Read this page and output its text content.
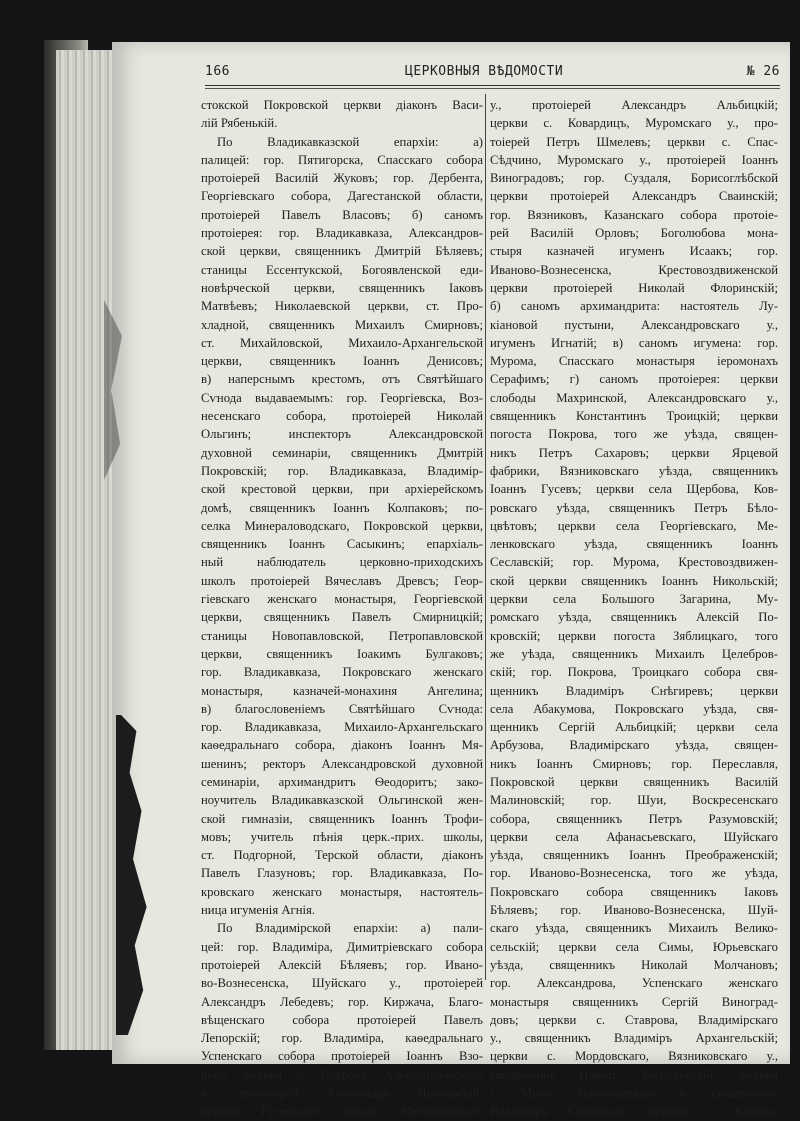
166	ЦЕРКОВНЫЯ ВѢДОМОСТИ	№ 26
стокской Покровской церкви діаконъ Васи-
лій Рябенькій.
По Владикавказской епархіи: а)
палицей: гор. Пятигорска, Спасскаго собора
протоіерей Василій Жуковъ; гор. Дербента,
Георгіевскаго собора, Дагестанской области,
протоіерей Павелъ Власовъ; б) саномъ
протоіерея: гор. Владикавказа, Александров-
ской церкви, священникъ Дмитрій Бѣляевъ;
станицы Ессентукской, Богоявленской еди-
новѣрческой церкви, священникъ Іаковъ
Матвѣевъ; Николаевской церкви, ст. Про-
хладной, священникъ Михаилъ Смирновъ;
ст. Михайловской, Михаило-Архангельской
церкви, священникъ Іоаннъ Денисовъ;
в) наперснымъ крестомъ, отъ Святѣйшаго
Сѵнода выдаваемымъ: гор. Георгіевска, Воз-
несенскаго собора, протоіерей Николай
Ольгинъ; инспекторъ Александровской
духовной семинаріи, священникъ Дмитрій
Покровскій; гор. Владикавказа, Владимір-
ской крестовой церкви, при архіерейскомъ
домѣ, священникъ Іоаннъ Колпаковъ; по-
селка Минераловодскаго, Покровской церкви,
священникъ Іоаннъ Сасыкинъ; епархіаль-
ный наблюдатель церковно-приходскихъ
школъ протоіерей Вячеславъ Древсъ; Геор-
гіевскаго женскаго монастыря, Георгіевской
церкви, священникъ Павелъ Смирницкій;
станицы Новопавловской, Петропавловской
церкви, священникъ Іоакимъ Булгаковъ;
гор. Владикавказа, Покровскаго женскаго
монастыря, казначей-монахиня Ангелина;
в) благословеніемъ Святѣйшаго Сѵнода:
гор. Владикавказа, Михаило-Архангельскаго
каѳедральнаго собора, діаконъ Іоаннъ Мя-
шенинъ; ректоръ Александровской духовной
семинаріи, архимандритъ Ѳеодоритъ; зако-
ноучитель Владикавказской Ольгинской жен-
ской гимназіи, священникъ Іоаннъ Трофи-
мовъ; учитель пѣнія церк.-прих. школы,
ст. Подгорной, Терской области, діаконъ
Павелъ Глазуновъ; гор. Владикавказа, По-
кровскаго женскаго монастыря, настоятель-
ница игуменія Агнія.
По Владимірской епархіи: а) пали-
цей: гор. Владиміра, Димитріевскаго собора
протоіерей Алексій Бѣляевъ; гор. Ивано-
во-Вознесенска, Шуйскаго у., протоіерей
Александръ Лебедевъ; гор. Киржача, Благо-
вѣщенскаго собора протоіерей Павелъ
Лепорскій; гор. Владиміра, каѳедральнаго
Успенскаго собора протоіерей Іоаннъ Взо-
ровъ; церкви с. Покрова, Александровскаго
у., протоіерей Александръ Никольскій;
церкви Гусевскаго завода, Меленковскаго
у., протоіерей Александръ Альбицкій;
церкви с. Ковардицъ, Муромскаго у., про-
тоіерей Петръ Шмелевъ; церкви с. Спас-
Сѣдчино, Муромскаго у., протоіерей Іоаннъ
Виноградовъ; гор. Суздаля, Борисоглѣбской
церкви протоіерей Александръ Сваинскій;
гор. Вязниковъ, Казанскаго собора протоіе-
рей Василій Орловъ; Боголюбова мона-
стыря казначей игуменъ Исаакъ; гор.
Иваново-Вознесенска, Крестовоздвиженской
церкви протоіерей Николай Флоринскій;
б) саномъ архимандрита: настоятель Лу-
кіановой пустыни, Александровскаго у.,
игуменъ Игнатій; в) саномъ игумена: гор.
Мурома, Спасскаго монастыря іеромонахъ
Серафимъ; г) саномъ протоіерея: церкви
слободы Махринской, Александровскаго у.,
священникъ Константинъ Троицкій; церкви
погоста Покрова, того же уѣзда, священ-
никъ Петръ Сахаровъ; церкви Ярцевой
фабрики, Вязниковскаго уѣзда, священникъ
Іоаннъ Гусевъ; церкви села Щербова, Ков-
ровскаго уѣзда, священникъ Петръ Бѣло-
цвѣтовъ; церкви села Георгіевскаго, Ме-
ленковскаго уѣзда, священникъ Іоаннъ
Сеславскій; гор. Мурома, Крестовоздвижен-
ской церкви священникъ Іоаннъ Никольскій;
церкви села Большого Загарина, Му-
ромскаго уѣзда, священникъ Алексій По-
кровскій; церкви погоста Зяблицкаго, того
же уѣзда, священникъ Михаилъ Целебров-
скій; гор. Покрова, Троицкаго собора свя-
щенникъ Владиміръ Снѣгиревъ; церкви
села Абакумова, Покровскаго уѣзда, свя-
щенникъ Сергій Альбицкій; церкви села
Арбузова, Владимірскаго уѣзда, священ-
никъ Іоаннъ Смирновъ; гор. Переславля,
Покровской церкви священникъ Василій
Малиновскій; гор. Шуи, Воскресенскаго
собора, священникъ Петръ Разумовскій;
церкви села Афанасьевскаго, Шуйскаго
уѣзда, священникъ Іоаннъ Преображенскій;
гор. Иваново-Вознесенска, того же уѣзда,
Покровскаго собора священникъ Іаковъ
Бѣляевъ; гор. Иваново-Вознесенска, Шуй-
скаго уѣзда, священникъ Михаилъ Велико-
сельскій; церкви села Симы, Юрьевскаго
уѣзда, священникъ Николай Молчановъ;
гор. Александрова, Успенскаго женскаго
монастыря священникъ Сергій Виноград-
довъ; церкви с. Ставрова, Владимірскаго
у., священникъ Владиміръ Архангельскій;
церкви с. Мордовскаго, Вязниковскаго у.,
священникъ Павелъ Богословскій; церкви
с. Мыта, Гороховецкаго у., священникъ
Владиміръ Сущевскій; церкви с. Капина,
